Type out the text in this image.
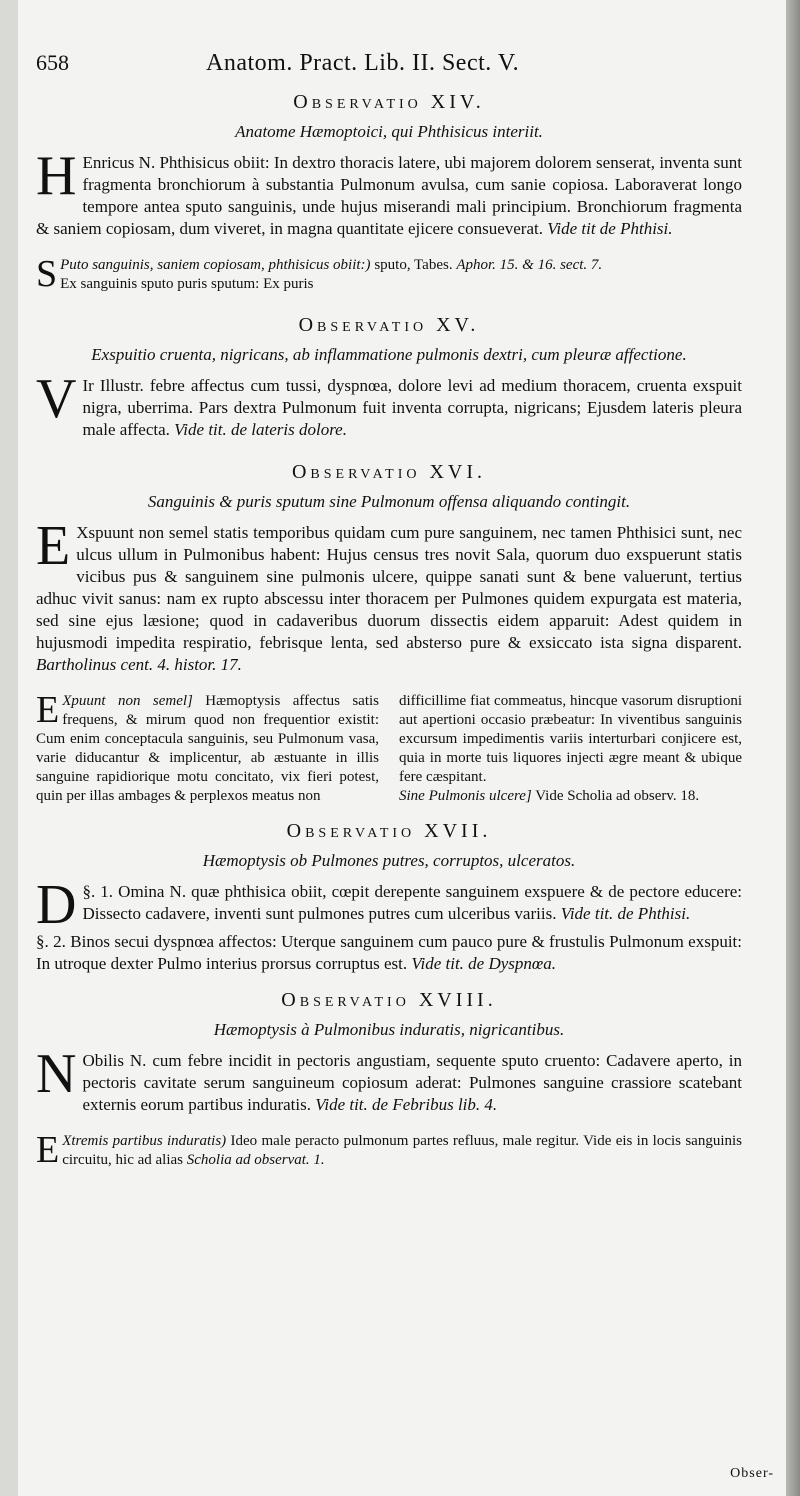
658	Anatom. Pract. Lib. II. Sect. V.
Observatio XIV.
Anatome Hæmoptoici, qui Phthisicus interiit.

H Enricus N. Phthisicus obiit: In dextro thoracis latere, ubi majorem dolorem senserat, inventa sunt fragmenta bronchiorum à substantia Pulmonum avulsa, cum sanie copiosa. Laboraverat longo tempore antea sputo sanguinis, unde hujus miserandi mali principium. Bronchiorum fragmenta & saniem copiosam, dum viveret, in magna quantitate ejicere consueverat. Vide tit de Phthisi.

S Puto sanguinis, saniem copiosam, phthisicus obiit:) sputo, Tabes. Aphor. 15. & 16. sect. 7.
Ex sanguinis sputo puris sputum: Ex puris

Observatio XV.
Exspuitio cruenta, nigricans, ab inflammatione pulmonis dextri, cum pleuræ affectione.

V Ir Illustr. febre affectus cum tussi, dyspnœa, dolore levi ad medium thoracem, cruenta exspuit nigra, uberrima. Pars dextra Pulmonum fuit inventa corrupta, nigricans; Ejusdem lateris pleura male affecta. Vide tit. de lateris dolore.

Observatio XVI.
Sanguinis & puris sputum sine Pulmonum offensa aliquando contingit.

E Xspuunt non semel statis temporibus quidam cum pure sanguinem, nec tamen Phthisici sunt, nec ulcus ullum in Pulmonibus habent: Hujus census tres novit Sala, quorum duo exspuerunt statis vicibus pus & sanguinem sine pulmonis ulcere, quippe sanati sunt & bene valuerunt, tertius adhuc vivit sanus: nam ex rupto abscessu inter thoracem per Pulmones quidem expurgata est materia, sed sine ejus læsione; quod in cadaveribus duorum dissectis eidem apparuit: Adest quidem in hujusmodi impedita respiratio, febrisque lenta, sed absterso pure & exsiccato ista signa disparent. Bartholinus cent. 4. histor. 17.

E Xpuunt non semel] Hæmoptysis affectus satis frequens, & mirum quod non frequentior existit: Cum enim conceptacula sanguinis, seu Pulmonum vasa, varie diducantur & implicentur, ab æstuante in illis sanguine rapidiorique motu concitato, vix fieri potest, quin per illas ambages & perplexos meatus non
difficillime fiat commeatus, hincque vasorum disruptioni aut apertioni occasio præbeatur: In viventibus sanguinis excursum impedimentis variis interturbari conjicere est, quia in morte tuis liquores injecti ægre meant & ubique fere cæspitant.
Sine Pulmonis ulcere] Vide Scholia ad observ. 18.
Observatio XVII.
Hæmoptysis ob Pulmones putres, corruptos, ulceratos.

§. 1.
D Omina N. quæ phthisica obiit, cœpit derepente sanguinem exspuere & de pectore educere: Dissecto cadavere, inventi sunt pulmones putres cum ulceribus variis. Vide tit. de Phthisi.

§. 2. Binos secui dyspnœa affectos: Uterque sanguinem cum pauco pure & frustulis Pulmonum exspuit: In utroque dexter Pulmo interius prorsus corruptus est. Vide tit. de Dyspnœa.

Observatio XVIII.
Hæmoptysis à Pulmonibus induratis, nigricantibus.

N Obilis N. cum febre incidit in pectoris angustiam, sequente sputo cruento: Cadavere aperto, in pectoris cavitate serum sanguineum copiosum aderat: Pulmones sanguine crassiore scatebant externis eorum partibus induratis. Vide tit. de Febribus lib. 4.

E Xtremis partibus induratis) Ideo male peracto pulmonum partes refluus, male regitur. Vide eis in locis sanguinis circuitu, hic ad alias Scholia ad observat. 1.

Obser-
